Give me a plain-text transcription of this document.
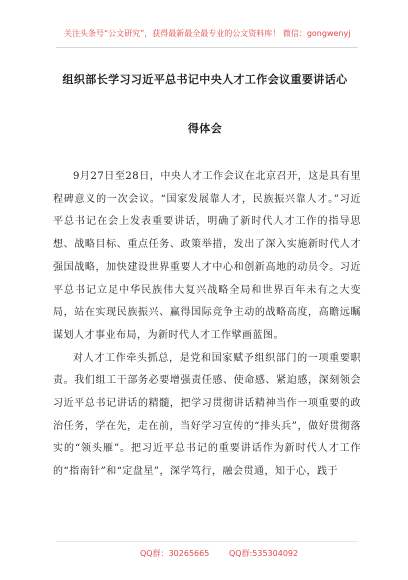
关注头条号“公文研究”，获得最新最全最专业的公文资料库！ 微信：gongwenyj
组织部长学习习近平总书记中央人才工作会议重要讲话心
得体会

9月27日至28日，中央人才工作会议在北京召开，这是具有里程碑意义的一次会议。“国家发展靠人才，民族振兴靠人才。”习近平总书记在会上发表重要讲话，明确了新时代人才工作的指导思想、战略目标、重点任务、政策举措，发出了深入实施新时代人才强国战略，加快建设世界重要人才中心和创新高地的动员令。习近平总书记立足中华民族伟大复兴战略全局和世界百年未有之大变局，站在实现民族振兴、赢得国际竞争主动的战略高度，高瞻远瞩谋划人才事业布局，为新时代人才工作擘画蓝图。

对人才工作牵头抓总，是党和国家赋予组织部门的一项重要职责。我们组工干部务必要增强责任感、使命感、紧迫感，深刻领会习近平总书记讲话的精髓，把学习贯彻讲话精神当作一项重要的政治任务，学在先，走在前，当好学习宣传的“排头兵”，做好贯彻落实的“领头雁”。把习近平总书记的重要讲话作为新时代人才工作的“指南针”和“定盘星”，深学笃行，融会贯通，知于心，践于

QQ群：30265665 QQ群:535304092
